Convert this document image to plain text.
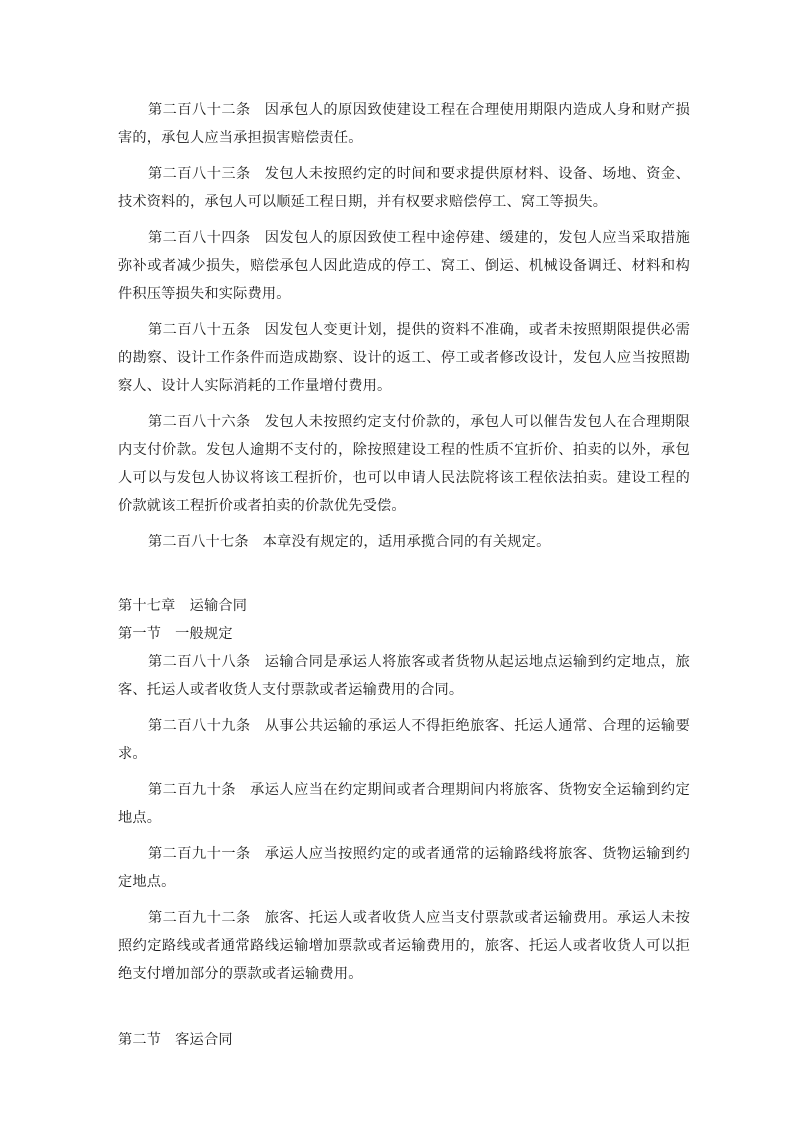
第二百八十二条 因承包人的原因致使建设工程在合理使用期限内造成人身和财产损害的，承包人应当承担损害赔偿责任。

第二百八十三条 发包人未按照约定的时间和要求提供原材料、设备、场地、资金、技术资料的，承包人可以顺延工程日期，并有权要求赔偿停工、窝工等损失。

第二百八十四条 因发包人的原因致使工程中途停建、缓建的，发包人应当采取措施弥补或者减少损失，赔偿承包人因此造成的停工、窝工、倒运、机械设备调迁、材料和构件积压等损失和实际费用。

第二百八十五条 因发包人变更计划，提供的资料不准确，或者未按照期限提供必需的勘察、设计工作条件而造成勘察、设计的返工、停工或者修改设计，发包人应当按照勘察人、设计人实际消耗的工作量增付费用。

第二百八十六条 发包人未按照约定支付价款的，承包人可以催告发包人在合理期限内支付价款。发包人逾期不支付的，除按照建设工程的性质不宜折价、拍卖的以外，承包人可以与发包人协议将该工程折价，也可以申请人民法院将该工程依法拍卖。建设工程的价款就该工程折价或者拍卖的价款优先受偿。

第二百八十七条 本章没有规定的，适用承揽合同的有关规定。

第十七章 运输合同

第一节 一般规定

第二百八十八条 运输合同是承运人将旅客或者货物从起运地点运输到约定地点，旅客、托运人或者收货人支付票款或者运输费用的合同。

第二百八十九条 从事公共运输的承运人不得拒绝旅客、托运人通常、合理的运输要求。

第二百九十条 承运人应当在约定期间或者合理期间内将旅客、货物安全运输到约定地点。

第二百九十一条 承运人应当按照约定的或者通常的运输路线将旅客、货物运输到约定地点。

第二百九十二条 旅客、托运人或者收货人应当支付票款或者运输费用。承运人未按照约定路线或者通常路线运输增加票款或者运输费用的，旅客、托运人或者收货人可以拒绝支付增加部分的票款或者运输费用。

第二节 客运合同
